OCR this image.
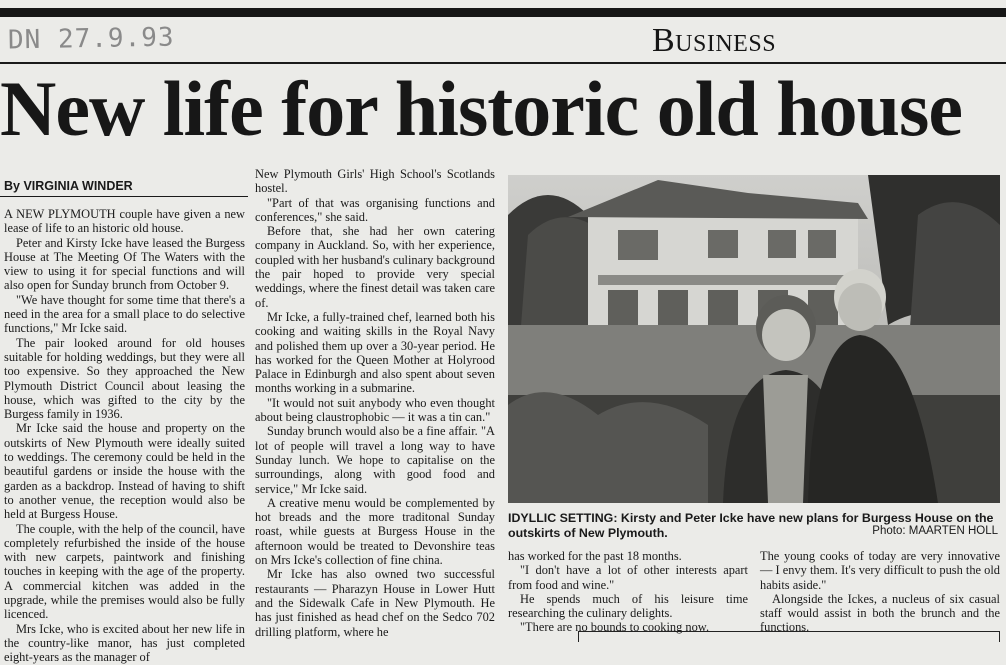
DN 27.9.93	Business
New life for historic old house
By VIRGINIA WINDER

A NEW PLYMOUTH couple have given a new lease of life to an historic old house.

Peter and Kirsty Icke have leased the Burgess House at The Meeting Of The Waters with the view to using it for special functions and will also open for Sunday brunch from October 9.

"We have thought for some time that there's a need in the area for a small place to do selective functions," Mr Icke said.

The pair looked around for old houses suitable for holding weddings, but they were all too expensive. So they approached the New Plymouth District Council about leasing the house, which was gifted to the city by the Burgess family in 1936.

Mr Icke said the house and property on the outskirts of New Plymouth were ideally suited to weddings. The ceremony could be held in the beautiful gardens or inside the house with the garden as a backdrop. Instead of having to shift to another venue, the reception would also be held at Burgess House.

The couple, with the help of the council, have completely refurbished the inside of the house with new carpets, paintwork and finishing touches in keeping with the age of the property. A commercial kitchen was added in the upgrade, while the premises would also be fully licenced.

Mrs Icke, who is excited about her new life in the country-like manor, has just completed eight-years as the manager of

New Plymouth Girls' High School's Scotlands hostel.

"Part of that was organising functions and conferences," she said.

Before that, she had her own catering company in Auckland. So, with her experience, coupled with her husband's culinary background the pair hoped to provide very special weddings, where the finest detail was taken care of.

Mr Icke, a fully-trained chef, learned both his cooking and waiting skills in the Royal Navy and polished them up over a 30-year period. He has worked for the Queen Mother at Holyrood Palace in Edinburgh and also spent about seven months working in a submarine.

"It would not suit anybody who even thought about being claustrophobic — it was a tin can."

Sunday brunch would also be a fine affair. "A lot of people will travel a long way to have Sunday lunch. We hope to capitalise on the surroundings, along with good food and service," Mr Icke said.

A creative menu would be complemented by hot breads and the more traditonal Sunday roast, while guests at Burgess House in the afternoon would be treated to Devonshire teas on Mrs Icke's collection of fine china.

Mr Icke has also owned two successful restaurants — Pharazyn House in Lower Hutt and the Sidewalk Cafe in New Plymouth. He has just finished as head chef on the Sedco 702 drilling platform, where he

IDYLLIC SETTING: Kirsty and Peter Icke have new plans for Burgess House on the outskirts of New Plymouth.	Photo: MAARTEN HOLL

has worked for the past 18 months.

"I don't have a lot of other interests apart from food and wine."

He spends much of his leisure time researching the culinary delights.

"There are no bounds to cooking now.

The young cooks of today are very innovative — I envy them. It's very difficult to push the old habits aside."

Alongside the Ickes, a nucleus of six casual staff would assist in both the brunch and the functions.
